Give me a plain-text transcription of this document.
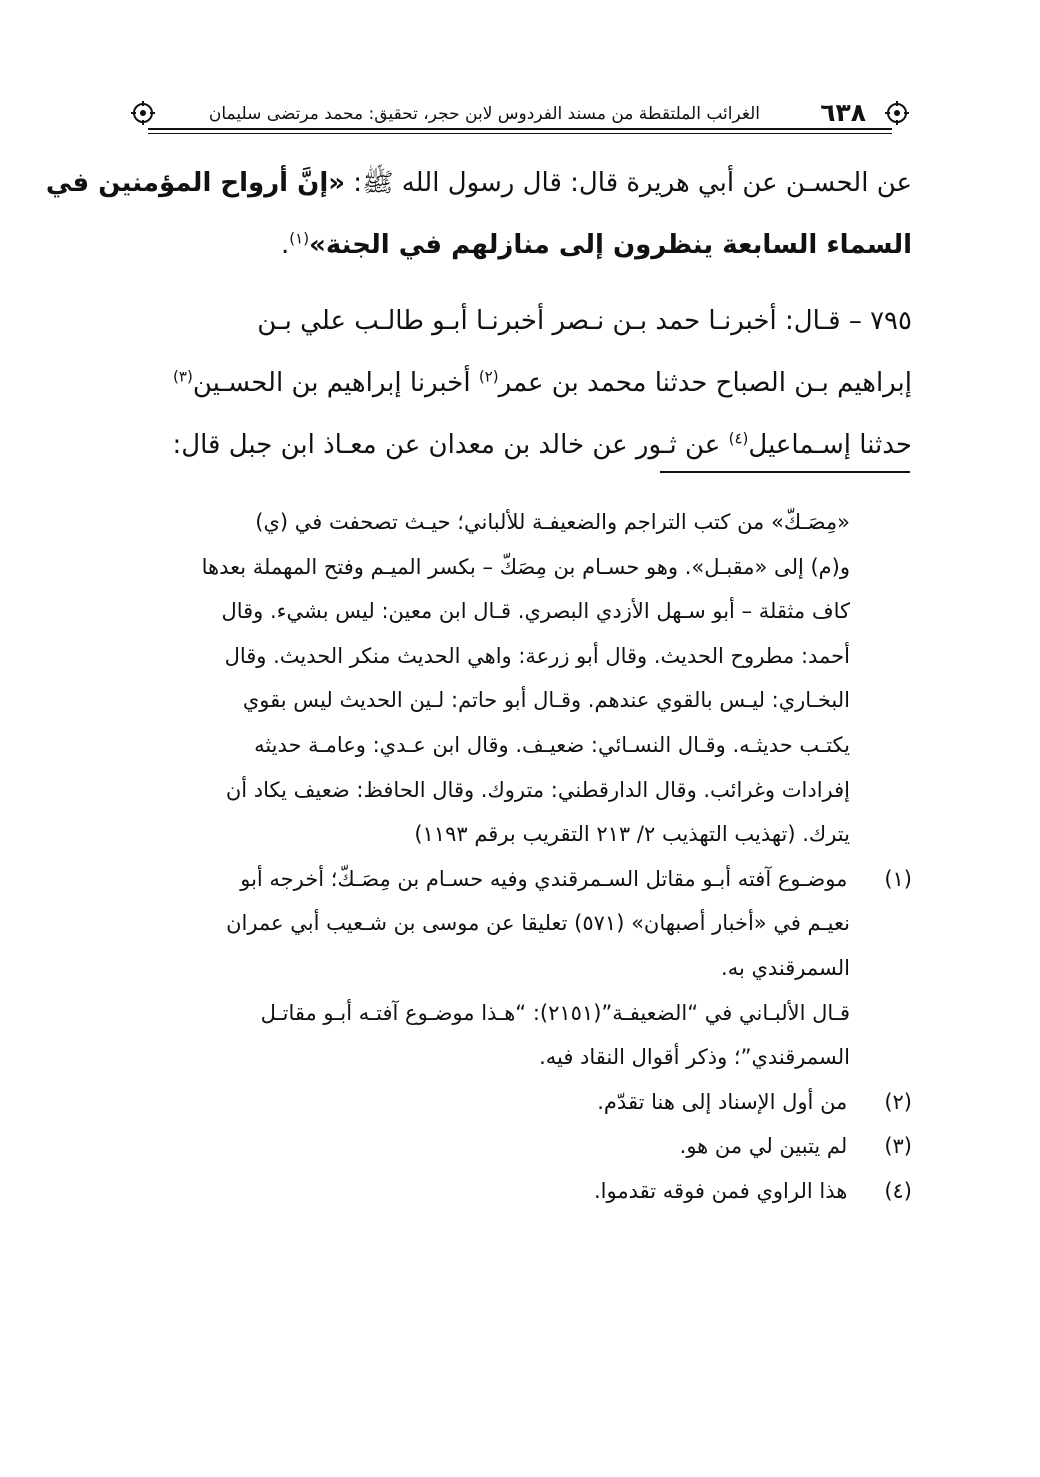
الغرائب الملتقطة من مسند الفردوس لابن حجر، تحقيق: محمد مرتضى سليمان ٦٣٨
عن الحسـن عن أبي هريرة قال: قال رسول الله ﷺ: «إنَّ أرواح المؤمنين في
السماء السابعة ينظرون إلى منازلهم في الجنة»$^{(١)}$.
٧٩٥ – قـال: أخبرنـا حمد بـن نـصر أخبرنـا أبـو طالـب علي بـن
إبراهيم بـن الصباح حدثنا محمد بن عمر$^{(٢)}$ أخبرنا إبراهيم بن الحسـين$^{(٣)}$
حدثنا إسـماعيل$^{(٤)}$ عن ثـور عن خالد بن معدان عن معـاذ ابن جبل قال:
«مِصَـكّ» من كتب التراجم والضعيفـة للألباني؛ حيـث تصحفت في (ي)
و(م) إلى «مقبـل». وهو حسـام بن مِصَكّ – بكسر الميـم وفتح المهملة بعدها
كاف مثقلة – أبو سـهل الأزدي البصري. قـال ابن معين: ليس بشيء. وقال
أحمد: مطروح الحديث. وقال أبو زرعة: واهي الحديث منكر الحديث. وقال
البخـاري: ليـس بالقوي عندهم. وقـال أبو حاتم: لـين الحديث ليس بقوي
يكتـب حديثـه. وقـال النسـائي: ضعيـف. وقال ابن عـدي: وعامـة حديثه
إفرادات وغرائب. وقال الدارقطني: متروك. وقال الحافظ: ضعيف يكاد أن
يترك. (تهذيب التهذيب ٢/ ٢١٣ التقريب برقم ١١٩٣)
(١) موضـوع آفته أبـو مقاتل السـمرقندي وفيه حسـام بن مِصَـكّ؛ أخرجه أبو
نعيـم في «أخبار أصبهان» (٥٧١) تعليقا عن موسى بن شـعيب أبي عمران
السمرقندي به.
قـال الألبـاني في “الضعيفـة”(٢١٥١): “هـذا موضـوع آفتـه أبـو مقاتـل
السمرقندي”؛ وذكر أقوال النقاد فيه.
(٢) من أول الإسناد إلى هنا تقدّم.
(٣) لم يتبين لي من هو.
(٤) هذا الراوي فمن فوقه تقدموا.
